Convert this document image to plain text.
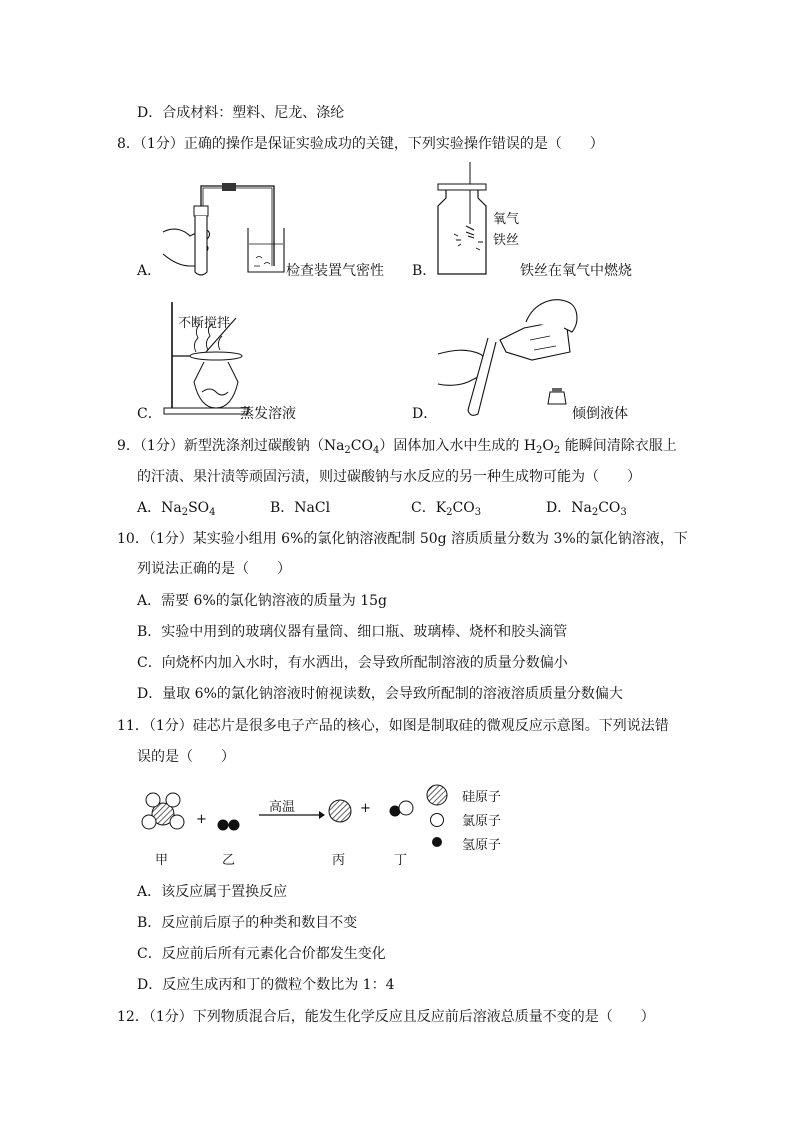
D．合成材料：塑料、尼龙、涤纶
8．（1分）正确的操作是保证实验成功的关键，下列实验操作错误的是（　　）
A．	检查装置气密性 B．
氧气
铁丝
铁丝在氧气中燃烧
C．
不断搅拌
蒸发溶液	D．	倾倒液体
9．（1分）新型洗涤剂过碳酸钠$(Na_2CO_4)$固体加入水中生成的 $H_2O_2$ 能瞬间清除衣服上
的汗渍、果汁渍等顽固污渍，则过碳酸钠与水反应的另一种生成物可能为（　　）
A．$Na_2SO_4$	B．NaCl	C．$K_2CO_3$	D．$Na_2CO_3$
10．（1分）某实验小组用 6%的氯化钠溶液配制 50g 溶质质量分数为 3%的氯化钠溶液，下
列说法正确的是（　　）
A．需要 6%的氯化钠溶液的质量为 15g
B．实验中用到的玻璃仪器有量筒、细口瓶、玻璃棒、烧杯和胶头滴管
C．向烧杯内加入水时，有水洒出，会导致所配制溶液的质量分数偏小
D．量取 6%的氯化钠溶液时俯视读数，会导致所配制的溶液溶质质量分数偏大
11．（1分）硅芯片是很多电子产品的核心，如图是制取硅的微观反应示意图。下列说法错
误的是（　　）
+
+
高温
甲	乙	丙	丁
硅原子
氯原子
氢原子
A．该反应属于置换反应
B．反应前后原子的种类和数目不变
C．反应前后所有元素化合价都发生变化
D．反应生成丙和丁的微粒个数比为 1：4
12．（1分）下列物质混合后，能发生化学反应且反应前后溶液总质量不变的是（　　）
